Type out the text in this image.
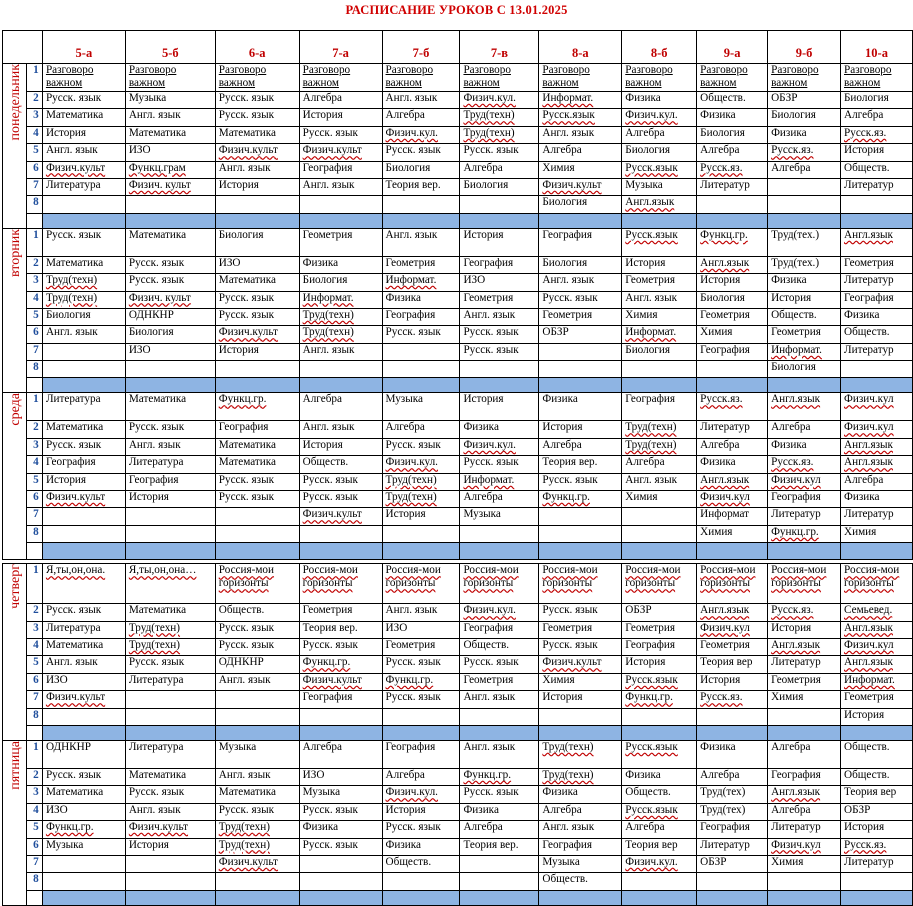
РАСПИСАНИЕ УРОКОВ С 13.01.2025
		5-а	5-б	6-а	7-а	7-б	7-в	8-а	8-б	9-а	9-б	10-а
понедельник	1	Разговоро важном	Разговоро важном	Разговоро важном	Разговоро важном	Разговоро важном	Разговоро важном	Разговоро важном	Разговоро важном	Разговоро важном	Разговоро важном	Разговоро важном
	2	Русск. язык	Музыка	Русск. язык	Алгебра	Англ. язык	Физич.кул.	Информат.	Физика	Обществ.	ОБЗР	Биология
	3	Математика	Англ. язык	Русск. язык	История	Алгебра	Труд(техн)	Русск.язык	Физич.кул.	Физика	Биология	Алгебра
	4	История	Математика	Математика	Русск. язык	Физич.кул.	Труд(техн)	Англ. язык	Алгебра	Биология	Физика	Русск.яз.
	5	Англ. язык	ИЗО	Физич.культ	Физич.культ	Русск. язык	Русск. язык	Алгебра	Биология	Алгебра	Русск.яз.	История
	6	Физич.культ	Функц.грам	Англ. язык	География	Биология	Алгебра	Химия	Русск.язык	Русск.яз.	Алгебра	Обществ.
	7	Литература	Физич. культ	История	Англ. язык	Теория вер.	Биология	Физич.культ	Музыка	Литератур		Литератур
	8							Биология	Англ.язык			

вторник	1	Русск. язык	Математика	Биология	Геометрия	Англ. язык	История	География	Русск.язык	Функц.гр.	Труд(тех.)	Англ.язык
	2	Математика	Русск. язык	ИЗО	Физика	Геометрия	География	Биология	История	Англ.язык	Труд(тех.)	Геометрия
	3	Труд(техн)	Русск. язык	Математика	Биология	Информат.	ИЗО	Англ. язык	Геометрия	История	Физика	Литератур
	4	Труд(техн)	Физич. культ	Русск. язык	Информат.	Физика	Геометрия	Русск. язык	Англ. язык	Биология	История	География
	5	Биология	ОДНКНР	Русск. язык	Труд(техн)	География	Англ. язык	Геометрия	Химия	Геометрия	Обществ.	Физика
	6	Англ. язык	Биология	Физич.культ	Труд(техн)	Русск. язык	Русск. язык	ОБЗР	Информат.	Химия	Геометрия	Обществ.
	7		ИЗО	История	Англ. язык		Русск. язык		Биология	География	Информат.	Литератур
	8										Биология	

среда	1	Литература	Математика	Функц.гр.	Алгебра	Музыка	История	Физика	География	Русск.яз.	Англ.язык	Физич.кул
	2	Математика	Русск. язык	География	Англ. язык	Алгебра	Физика	История	Труд(техн)	Литератур	Алгебра	Физич.кул
	3	Русск. язык	Англ. язык	Математика	История	Русск. язык	Физич.кул.	Алгебра	Труд(техн)	Алгебра	Физика	Англ.язык
	4	География	Литература	Математика	Обществ.	Физич.кул.	Русск. язык	Теория вер.	Алгебра	Физика	Русск.яз.	Англ.язык
	5	История	География	Русск. язык	Русск. язык	Труд(техн)	Информат.	Русск. язык	Англ. язык	Англ.язык	Физич.кул	Алгебра
	6	Физич.культ	История	Русск. язык	Русск. язык	Труд(техн)	Алгебра	Функц.гр.	Химия	Физич.кул	География	Физика
	7				Физич.культ	История	Музыка			Информат	Литератур	Литератур
	8									Химия	Функц.гр.	Химия

четверг	1	Я,ты,он,она.	Я,ты,он,она…	Россия-мои горизонты	Россия-мои горизонты	Россия-мои горизонты	Россия-мои горизонты	Россия-мои горизонты	Россия-мои горизонты	Россия-мои горизонты	Россия-мои горизонты	Россия-мои горизонты
	2	Русск. язык	Математика	Обществ.	Геометрия	Англ. язык	Физич.кул.	Русск. язык	ОБЗР	Англ.язык	Русск.яз.	Семьевед.
	3	Литература	Труд(техн)	Русск. язык	Теория вер.	ИЗО	География	Геометрия	Геометрия	Физич.кул	История	Англ.язык
	4	Математика	Труд(техн)	Русск. язык	Русск. язык	Геометрия	Обществ.	Русск. язык	География	Геометрия	Англ.язык	Физич.кул
	5	Англ. язык	Русск. язык	ОДНКНР	Функц.гр.	Русск. язык	Русск. язык	Физич.культ	История	Теория вер	Литератур	Англ.язык
	6	ИЗО	Литература	Англ. язык	Физич.культ	Функц.гр.	Геометрия	Химия	Русск.язык	История	Геометрия	Информат.
	7	Физич.культ			География	Русск. язык	Англ. язык	История	Функц.гр.	Русск.яз.	Химия	Геометрия
	8											История

пятница	1	ОДНКНР	Литература	Музыка	Алгебра	География	Англ. язык	Труд(техн)	Русск.язык	Физика	Алгебра	Обществ.
	2	Русск. язык	Математика	Англ. язык	ИЗО	Алгебра	Функц.гр.	Труд(техн)	Физика	Алгебра	География	Обществ.
	3	Математика	Русск. язык	Математика	Музыка	Физич.кул.	Русск. язык	Физика	Обществ.	Труд(тех)	Англ.язык	Теория вер
	4	ИЗО	Англ. язык	Русск. язык	Русск. язык	История	Физика	Алгебра	Русск.язык	Труд(тех)	Алгебра	ОБЗР
	5	Функц.гр.	Физич.культ	Труд(техн)	Физика	Русск. язык	Алгебра	Англ. язык	Алгебра	География	Литератур	История
	6	Музыка	История	Труд(техн)	Русск. язык	Физика	Теория вер.	География	Теория вер	Литератур	Физич.кул	Русск.яз.
	7			Физич.культ		Обществ.		Музыка	Физич.кул.	ОБЗР	Химия	Литератур
	8							Обществ.				
